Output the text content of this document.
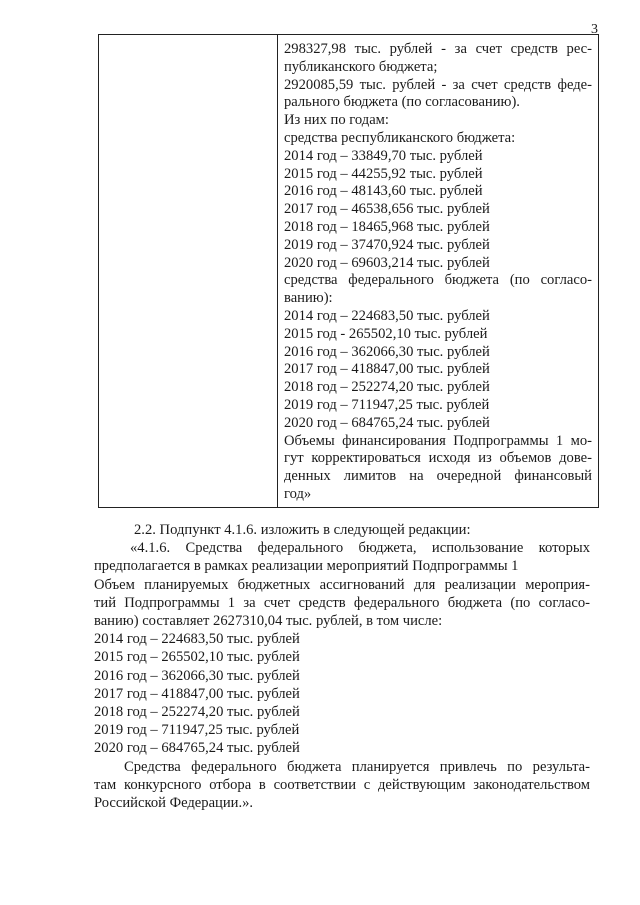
3
298327,98 тыс. рублей - за счет средств рес-
публиканского бюджета;
2920085,59 тыс. рублей - за счет средств феде-
рального бюджета (по согласованию).
Из них по годам:
средства республиканского бюджета:
2014 год – 33849,70 тыс. рублей
2015 год – 44255,92 тыс. рублей
2016 год – 48143,60 тыс. рублей
2017 год – 46538,656 тыс. рублей
2018 год – 18465,968 тыс. рублей
2019 год – 37470,924 тыс. рублей
2020 год – 69603,214 тыс. рублей
средства федерального бюджета (по согласо-
ванию):
2014 год – 224683,50 тыс. рублей
2015 год - 265502,10 тыс. рублей
2016 год – 362066,30 тыс. рублей
2017 год – 418847,00 тыс. рублей
2018 год – 252274,20 тыс. рублей
2019 год – 711947,25 тыс. рублей
2020 год – 684765,24 тыс. рублей
Объемы финансирования Подпрограммы 1 мо-
гут корректироваться исходя из объемов дове-
денных лимитов на очередной финансовый
год»
2.2. Подпункт 4.1.6. изложить в следующей редакции:
«4.1.6. Средства федерального бюджета, использование которых
предполагается в рамках реализации мероприятий Подпрограммы 1
Объем планируемых бюджетных ассигнований для реализации мероприя-
тий Подпрограммы 1 за счет средств федерального бюджета (по согласо-
ванию) составляет 2627310,04 тыс. рублей, в том числе:
2014 год – 224683,50 тыс. рублей
2015 год – 265502,10 тыс. рублей
2016 год – 362066,30 тыс. рублей
2017 год – 418847,00 тыс. рублей
2018 год – 252274,20 тыс. рублей
2019 год – 711947,25 тыс. рублей
2020 год – 684765,24 тыс. рублей
Средства федерального бюджета планируется привлечь по результа-
там конкурсного отбора в соответствии с действующим законодательством
Российской Федерации.».
